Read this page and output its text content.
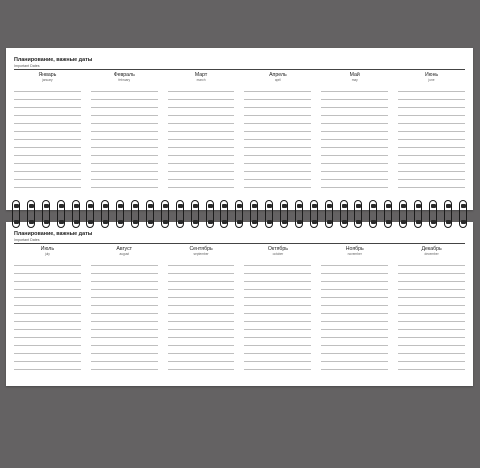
Планирование, важные даты
Important Dates
Январь
january
Февраль
february
Март
march
Апрель
april
Май
may
Июнь
june
Планирование, важные даты
Important Dates
Июль
july
Август
august
Сентябрь
september
Октябрь
october
Ноябрь
november
Декабрь
december
